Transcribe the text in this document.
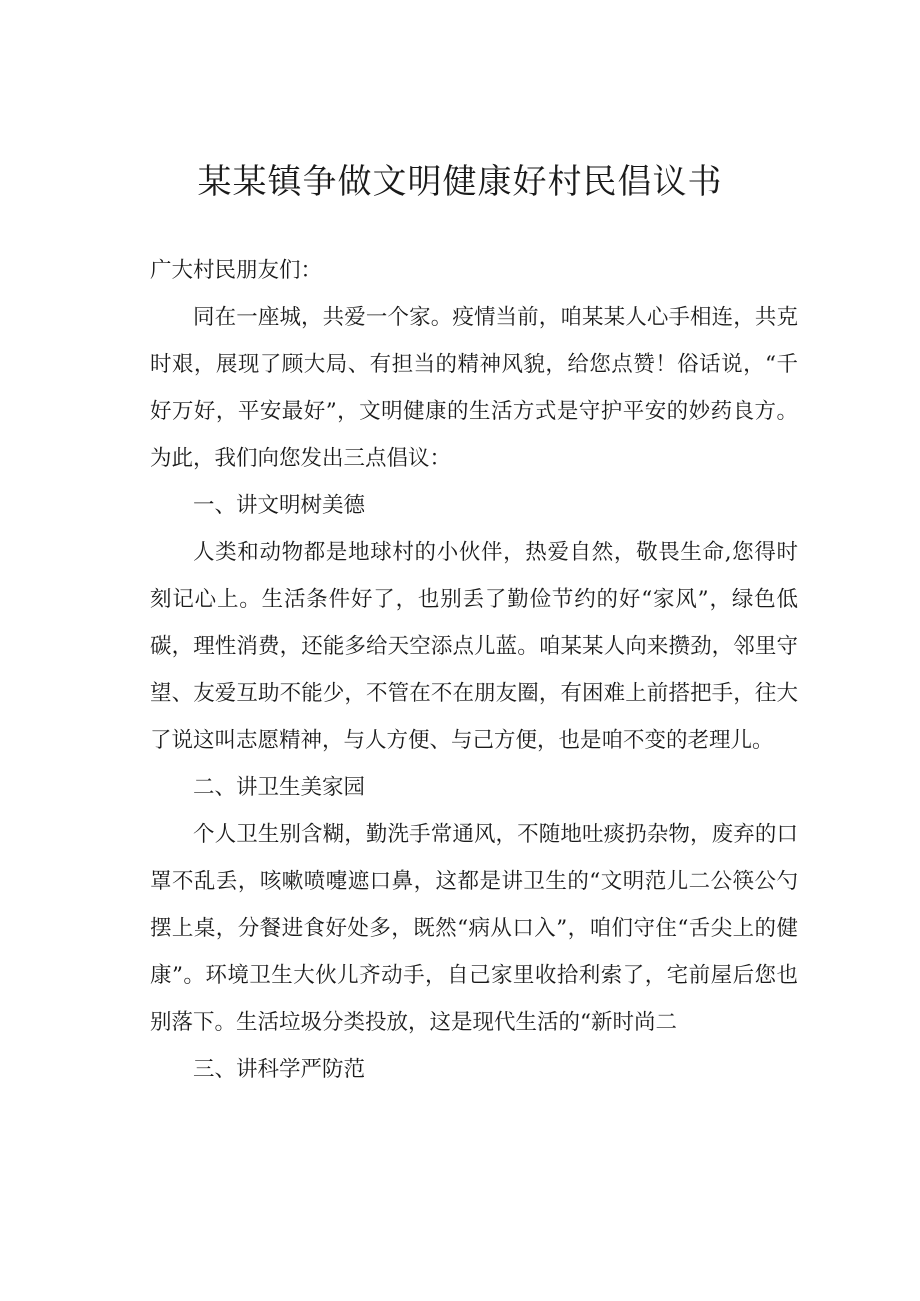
某某镇争做文明健康好村民倡议书

广大村民朋友们：

同在一座城，共爱一个家。疫情当前，咱某某人心手相连，共克时艰，展现了顾大局、有担当的精神风貌，给您点赞！俗话说，“千好万好，平安最好”，文明健康的生活方式是守护平安的妙药良方。为此，我们向您发出三点倡议：

一、讲文明树美德

人类和动物都是地球村的小伙伴，热爱自然，敬畏生命,您得时刻记心上。生活条件好了，也别丢了勤俭节约的好“家风”，绿色低碳，理性消费，还能多给天空添点儿蓝。咱某某人向来攒劲，邻里守望、友爱互助不能少，不管在不在朋友圈，有困难上前搭把手，往大了说这叫志愿精神，与人方便、与己方便，也是咱不变的老理儿。

二、讲卫生美家园

个人卫生别含糊，勤洗手常通风，不随地吐痰扔杂物，废弃的口罩不乱丢，咳嗽喷嚏遮口鼻，这都是讲卫生的“文明范儿二公筷公勺摆上桌，分餐进食好处多，既然“病从口入”，咱们守住“舌尖上的健康”。环境卫生大伙儿齐动手，自己家里收拾利索了，宅前屋后您也别落下。生活垃圾分类投放，这是现代生活的“新时尚二

三、讲科学严防范
